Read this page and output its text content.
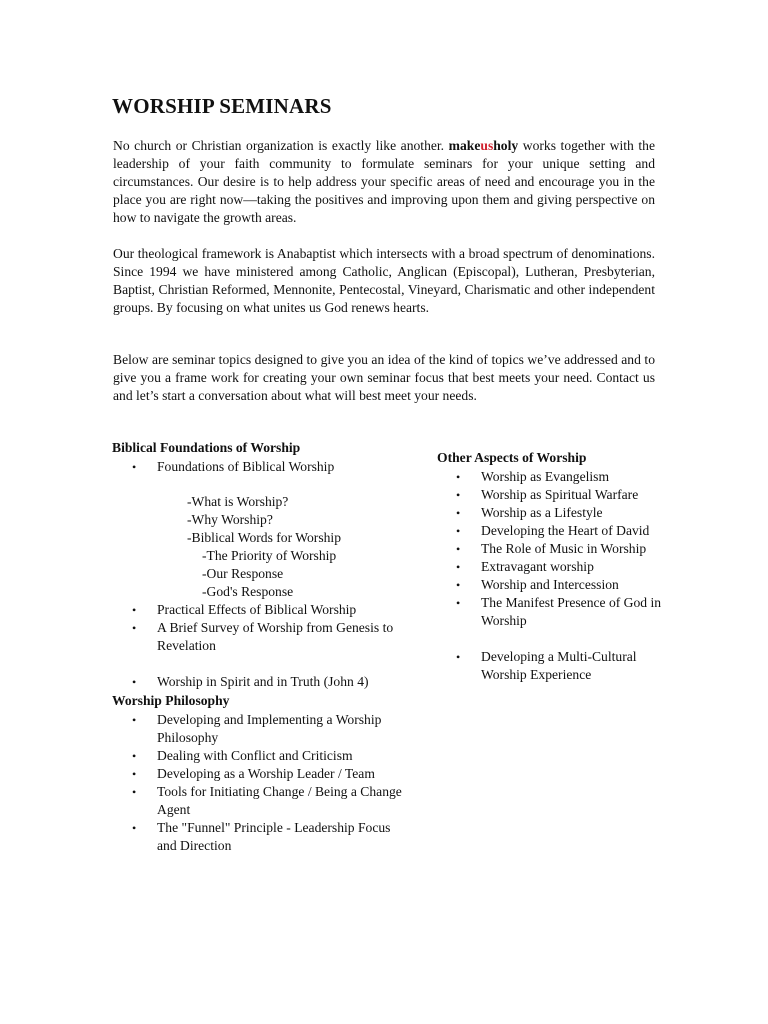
WORSHIP SEMINARS

No church or Christian organization is exactly like another. makeusholy works together with the leadership of your faith community to formulate seminars for your unique setting and circumstances. Our desire is to help address your specific areas of need and encourage you in the place you are right now—taking the positives and improving upon them and giving perspective on how to navigate the growth areas.

Our theological framework is Anabaptist which intersects with a broad spectrum of denominations. Since 1994 we have ministered among Catholic, Anglican (Episcopal), Lutheran, Presbyterian, Baptist, Christian Reformed, Mennonite, Pentecostal, Vineyard, Charismatic and other independent groups. By focusing on what unites us God renews hearts.

Below are seminar topics designed to give you an idea of the kind of topics we’ve addressed and to give you a frame work for creating your own seminar focus that best meets your need. Contact us and let’s start a conversation about what will best meet your needs.

Biblical Foundations of Worship
• Foundations of Biblical Worship
-What is Worship?
-Why Worship?
-Biblical Words for Worship
-The Priority of Worship
-Our Response
-God's Response
• Practical Effects of Biblical Worship
• A Brief Survey of Worship from Genesis to Revelation
• Worship in Spirit and in Truth (John 4)
Worship Philosophy
• Developing and Implementing a Worship Philosophy
• Dealing with Conflict and Criticism
• Developing as a Worship Leader / Team
• Tools for Initiating Change / Being a Change Agent
• The "Funnel" Principle - Leadership Focus and Direction
Other Aspects of Worship
• Worship as Evangelism
• Worship as Spiritual Warfare
• Worship as a Lifestyle
• Developing the Heart of David
• The Role of Music in Worship
• Extravagant worship
• Worship and Intercession
• The Manifest Presence of God in Worship
• Developing a Multi-Cultural Worship Experience
